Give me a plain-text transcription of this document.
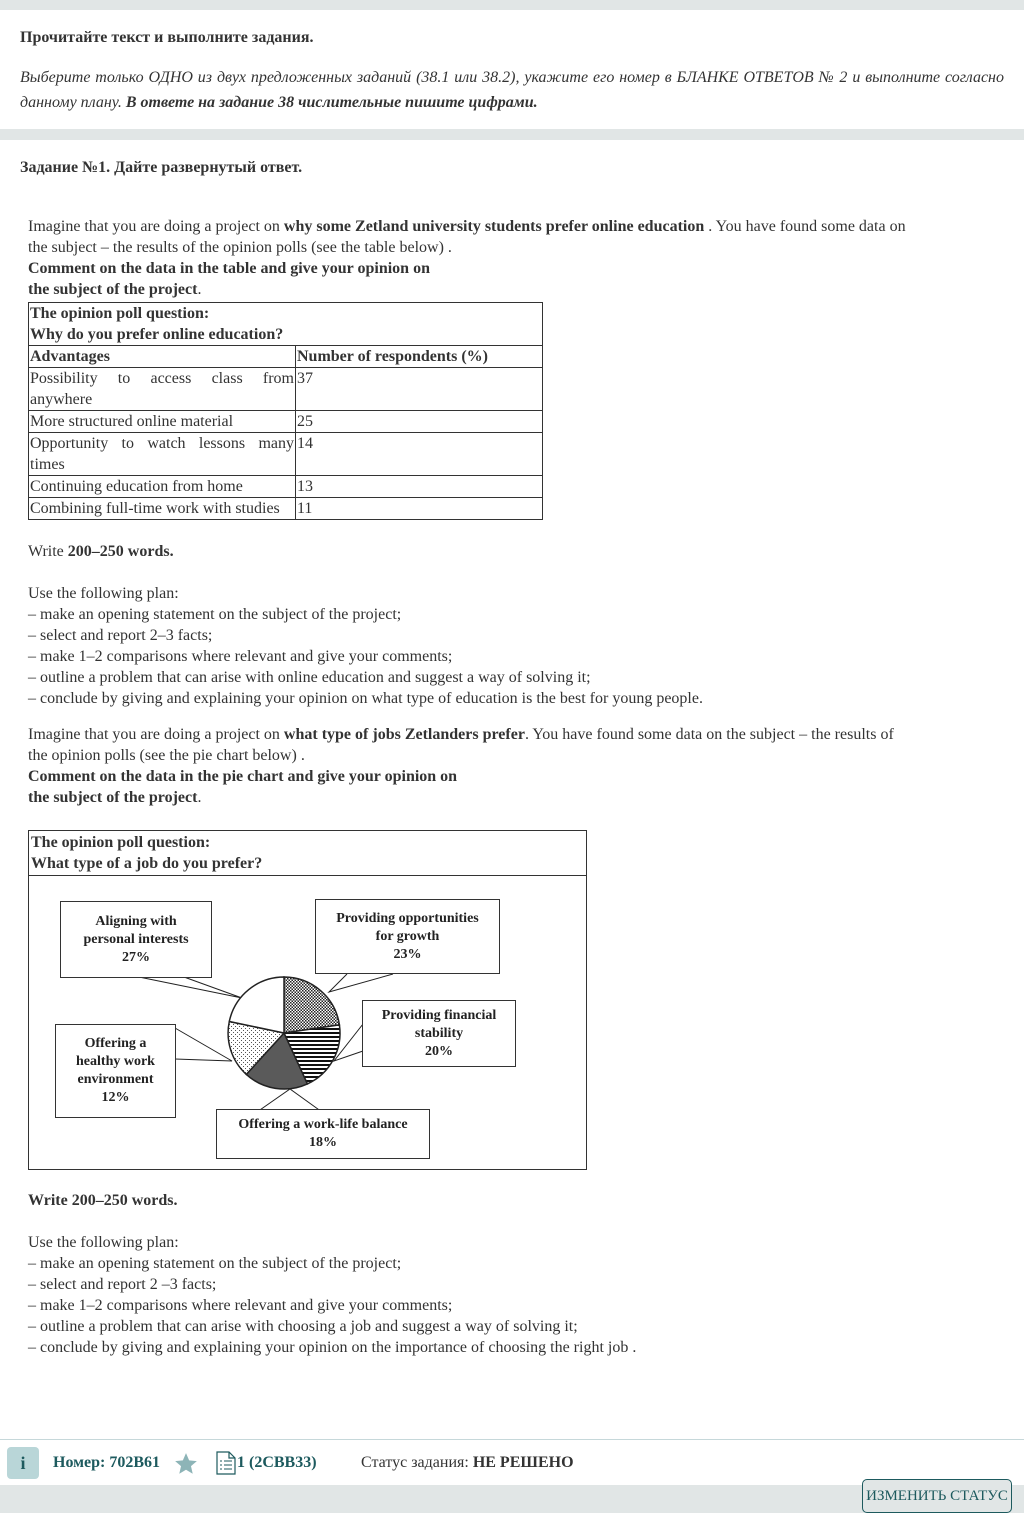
Прочитайте текст и выполните задания.
Выберите только ОДНО из двух предложенных заданий (38.1 или 38.2), укажите его номер в БЛАНКЕ ОТВЕТОВ № 2 и выполните согласно данному плану. В ответе на задание 38 числительные пишите цифрами.
Задание №1. Дайте развернутый ответ.

Imagine that you are doing a project on why some Zetland university students prefer online education . You have found some data on

the subject – the results of the opinion polls (see the table below) .

Comment on the data in the table and give your opinion on

the subject of the project.

The opinion poll question:
Why do you prefer online education?	

Advantages	Number of respondents (%)
Possibility to access class from anywhere	37
More structured online material	25
Opportunity to watch lessons many times	14
Continuing education from home	13
Combining full-time work with studies	11

Write 200–250 words.

Use the following plan:

– make an opening statement on the subject of the project;
– select and report 2–3 facts;
– make 1–2 comparisons where relevant and give your comments;
– outline a problem that can arise with online education and suggest a way of solving it;
– conclude by giving and explaining your opinion on what type of education is the best for young people.

Imagine that you are doing a project on what type of jobs Zetlanders prefer. You have found some data on the subject – the results of

the opinion polls (see the pie chart below) .

Comment on the data in the pie chart and give your opinion on

the subject of the project.

The opinion poll question:
What type of a job do you prefer?
Aligning with
personal interests
27%
Providing opportunities
for growth
23%
Providing financial
stability
20%
Offering a
healthy work
environment
12%
Offering a work-life balance
18%

Write 200–250 words.

Use the following plan:

– make an opening statement on the subject of the project;
– select and report 2 –3 facts;
– make 1–2 comparisons where relevant and give your comments;
– outline a problem that can arise with choosing a job and suggest a way of solving it;
– conclude by giving and explaining your opinion on the importance of choosing the right job .
i	Номер: 702B61	1 (2CBB33)	Статус задания: НЕ РЕШЕНО
ИЗМЕНИТЬ СТАТУС
